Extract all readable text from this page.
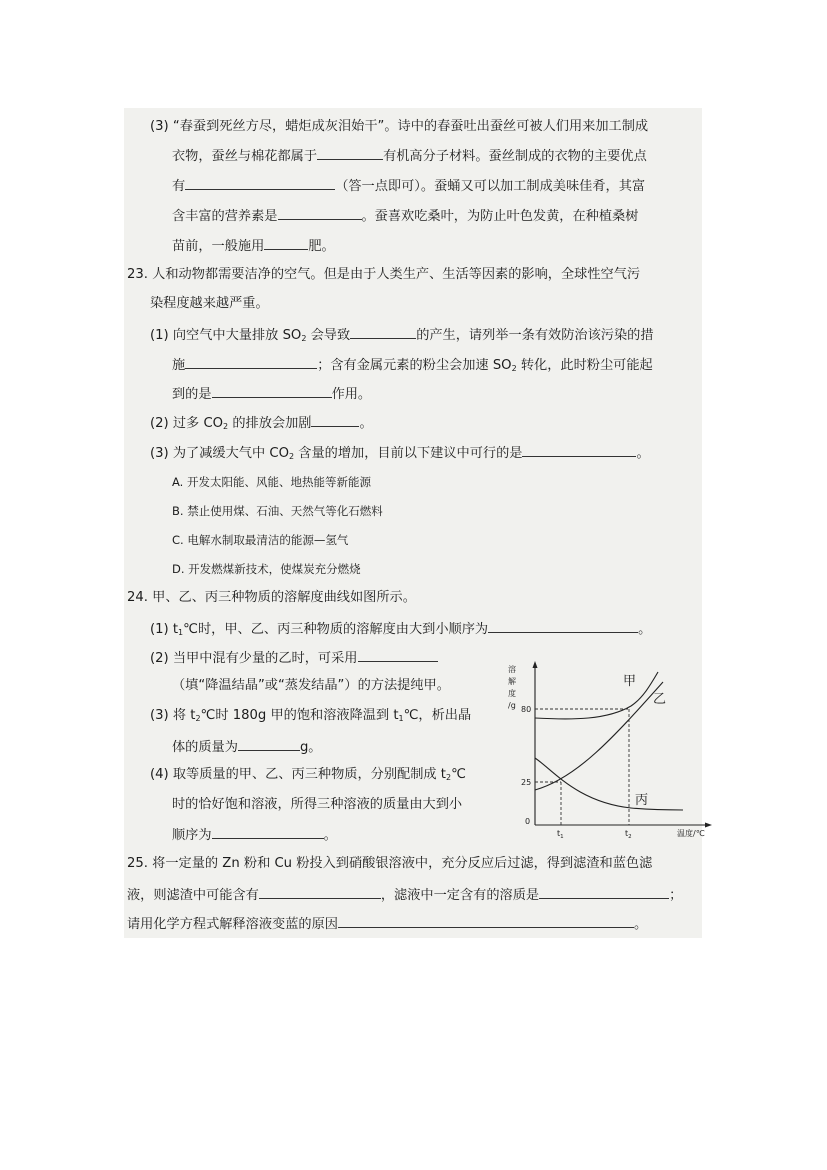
(3) “春蚕到死丝方尽，蜡炬成灰泪始干”。诗中的春蚕吐出蚕丝可被人们用来加工制成
衣物，蚕丝与棉花都属于	有机高分子材料。蚕丝制成的衣物的主要优点
有	（答一点即可）。蚕蛹又可以加工制成美味佳肴，其富
含丰富的营养素是	。蚕喜欢吃桑叶，为防止叶色发黄，在种植桑树
苗前，一般施用	肥。
23. 人和动物都需要洁净的空气。但是由于人类生产、生活等因素的影响，全球性空气污
染程度越来越严重。
(1) 向空气中大量排放 $SO_2$ 会导致	的产生，请列举一条有效防治该污染的措
施	；含有金属元素的粉尘会加速 $SO_2$ 转化，此时粉尘可能起
到的是	作用。
(2) 过多 $CO_2$ 的排放会加剧	。
(3) 为了减缓大气中 $CO_2$ 含量的增加，目前以下建议中可行的是	。
A. 开发太阳能、风能、地热能等新能源
B. 禁止使用煤、石油、天然气等化石燃料
C. 电解水制取最清洁的能源—氢气
D. 开发燃煤新技术，使煤炭充分燃烧
24. 甲、乙、丙三种物质的溶解度曲线如图所示。
(1) $t_1℃$时，甲、乙、丙三种物质的溶解度由大到小顺序为	。
(2) 当甲中混有少量的乙时，可采用
（填“降温结晶”或“蒸发结晶”）的方法提纯甲。
(3) 将 $t_2℃$时 180g 甲的饱和溶液降温到 $t_1℃$，析出晶
体的质量为	g。
(4) 取等质量的甲、乙、丙三种物质，分别配制成 $t_2℃$
时的恰好饱和溶液，所得三种溶液的质量由大到小
顺序为	。
溶
解
度
/g 80
25
0
$t_1$	$t_2$	温度/℃
甲
乙
丙
25. 将一定量的 Zn 粉和 Cu 粉投入到硝酸银溶液中，充分反应后过滤，得到滤渣和蓝色滤
液，则滤渣中可能含有	，滤液中一定含有的溶质是	；
请用化学方程式解释溶液变蓝的原因	。
